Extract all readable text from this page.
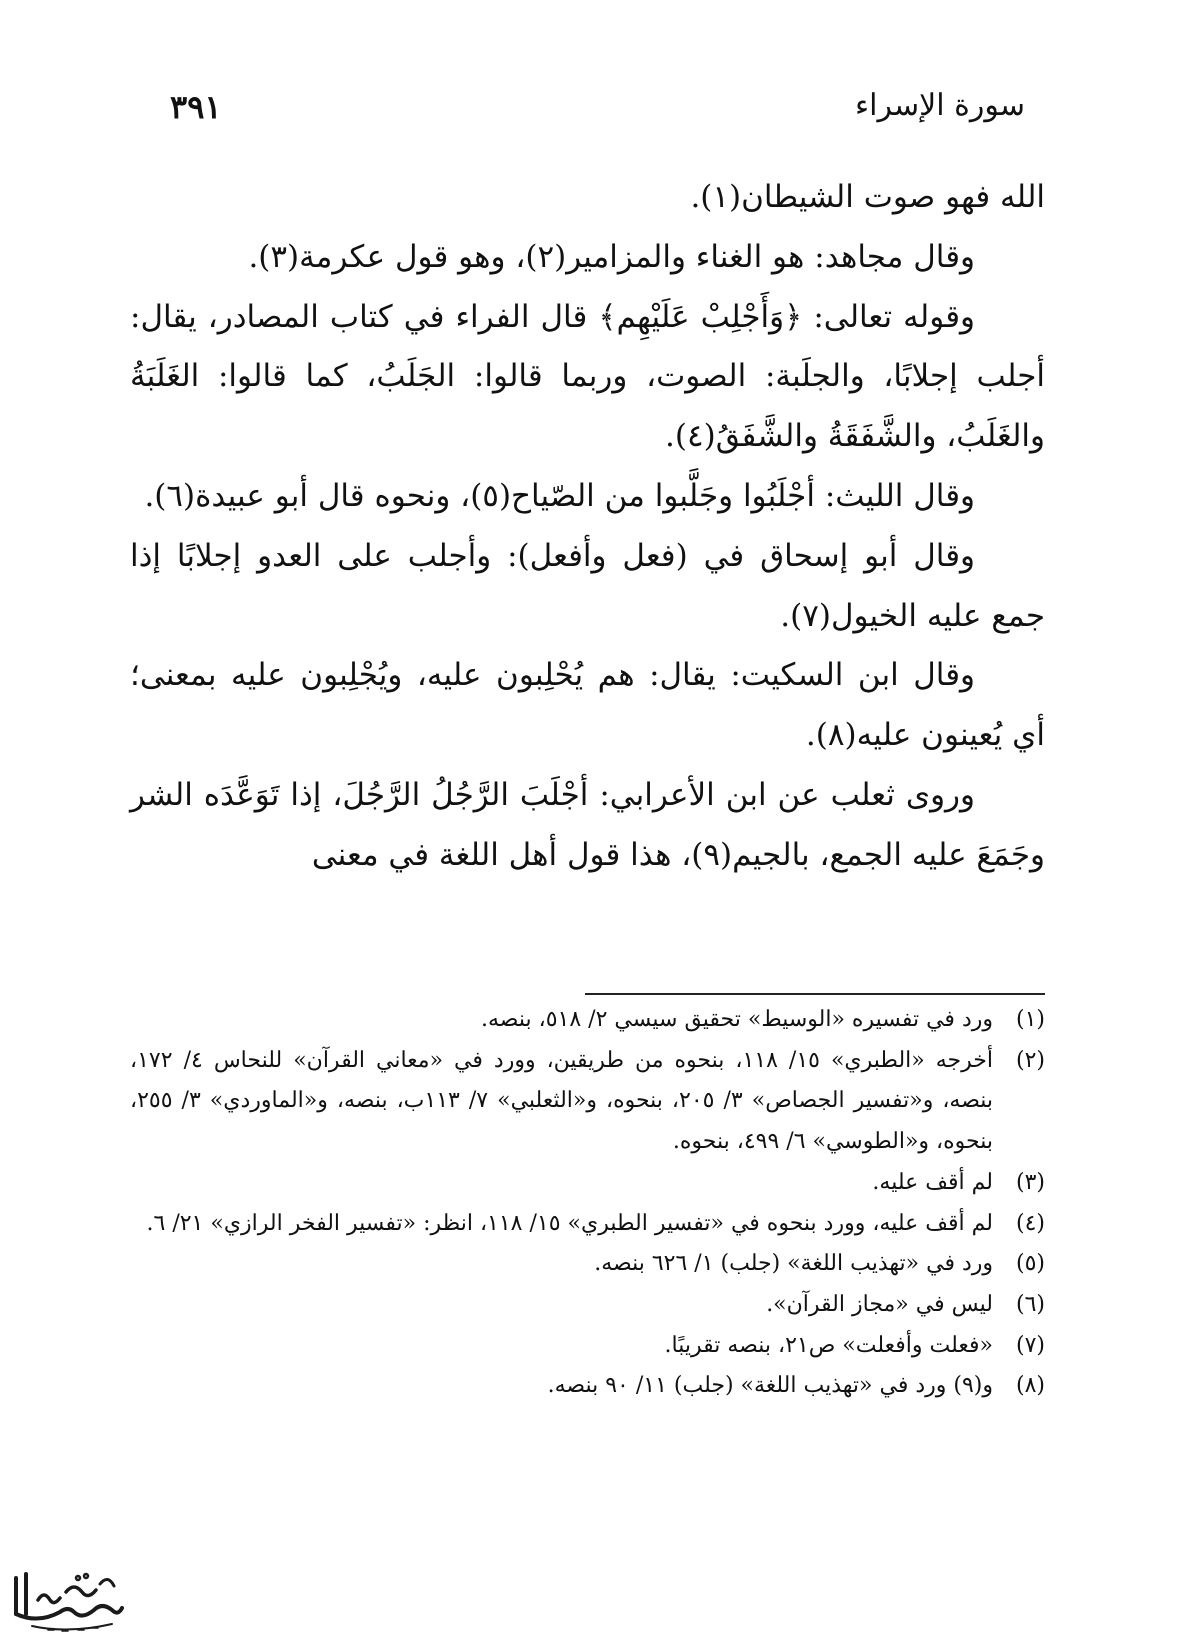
سورة الإسراء
٣٩١

الله فهو صوت الشيطان(١).

وقال مجاهد: هو الغناء والمزامير(٢)، وهو قول عكرمة(٣).

وقوله تعالى: ﴿وَأَجْلِبْ عَلَيْهِم﴾ قال الفراء في كتاب المصادر، يقال: أجلب إجلابًا، والجلَبة: الصوت، وربما قالوا: الجَلَبُ، كما قالوا: الغَلَبَةُ والغَلَبُ، والشَّفَقَةُ والشَّفَقُ(٤).

وقال الليث: أجْلَبُوا وجَلَّبوا من الصّياح(٥)، ونحوه قال أبو عبيدة(٦).

وقال أبو إسحاق في (فعل وأفعل): وأجلب على العدو إجلابًا إذا جمع عليه الخيول(٧).

وقال ابن السكيت: يقال: هم يُحْلِبون عليه، ويُجْلِبون عليه بمعنى؛ أي يُعينون عليه(٨).

وروى ثعلب عن ابن الأعرابي: أجْلَبَ الرَّجُلُ الرَّجُلَ، إذا تَوَعَّدَه الشر وجَمَعَ عليه الجمع، بالجيم(٩)، هذا قول أهل اللغة في معنى

(١)
ورد في تفسيره «الوسيط» تحقيق سيسي ٢/ ٥١٨، بنصه.
(٢)
أخرجه «الطبري» ١٥/ ١١٨، بنحوه من طريقين، وورد في «معاني القرآن» للنحاس ٤/ ١٧٢، بنصه، و«تفسير الجصاص» ٣/ ٢٠٥، بنحوه، و«الثعلبي» ٧/ ١١٣ب، بنصه، و«الماوردي» ٣/ ٢٥٥، بنحوه، و«الطوسي» ٦/ ٤٩٩، بنحوه.
(٣)
لم أقف عليه.
(٤)
لم أقف عليه، وورد بنحوه في «تفسير الطبري» ١٥/ ١١٨، انظر: «تفسير الفخر الرازي» ٢١/ ٦.
(٥)
ورد في «تهذيب اللغة» (جلب) ١/ ٦٢٦ بنصه.
(٦)
ليس في «مجاز القرآن».
(٧)
«فعلت وأفعلت» ص٢١، بنصه تقريبًا.
(٨)
و(٩) ورد في «تهذيب اللغة» (جلب) ١١/ ٩٠ بنصه.
